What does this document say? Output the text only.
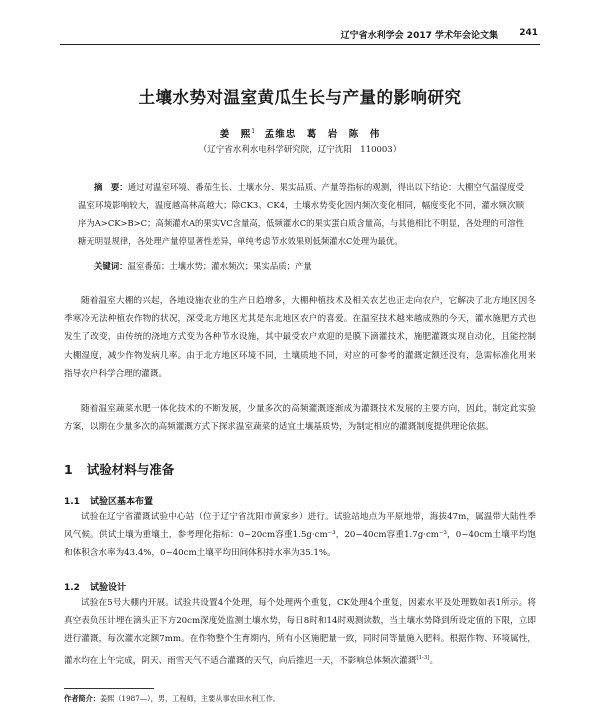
辽宁省水利学会 2017 学术年会论文集 241
土壤水势对温室黄瓜生长与产量的影响研究
姜　熙$^1$ 孟维忠　葛　岩　陈　伟
（辽宁省水利水电科学研究院，辽宁沈阳　110003）
摘　要：通过对温室环境、番茄生长、土壤水分、果实品质、产量等指标的观测，得出以下结论：大棚空气温湿度受温室环境影响较大，温度越高林高越大；除CK3、CK4，土壤水势变化因内频次变化相同，幅度变化不同，灌水频次顺序为A>CK>B>C；高频灌水A的果实VC含量高，低频灌水C的果实蛋白质含量高，与其他相比不明显，各处理的可溶性糖无明显规律，各处理产量停显著性差异，单纯考虑节水效果则低频灌水C处理为最优。
关键词：温室番茄；土壤水势；灌水频次；果实品质；产量

随着温室大棚的兴起，各地设施农业的生产日趋增多，大棚种植技术及相关农艺也正走向农户，它解决了北方地区因冬季寒冷无法种植农作物的状况，深受北方地区尤其是东北地区农户的喜爱。在温室技术越来越成熟的今天，灌水施肥方式也发生了改变，由传统的浇地方式变为各种节水设施，其中最受农户欢迎的是膜下滴灌技术，施肥灌溉实现自动化，且能控制大棚湿度，减少作物发病几率。由于北方地区环境不同，土壤质地不同，对应的可参考的灌溉定额还没有，急需标准化用来指导农户科学合理的灌溉。

随着温室蔬菜水肥一体化技术的不断发展，少量多次的高频灌溉逐渐成为灌溉技术发展的主要方向，因此，制定此实验方案，以期在少量多次的高频灌溉方式下探求温室蔬菜的适宜土壤基质势，为制定相应的灌溉制度提供理论依据。

1 试验材料与准备
1.1 试验区基本布置

试验在辽宁省灌溉试验中心站（位于辽宁省沈阳市黄家乡）进行。试验站地点为平原地带，海拔47m，属温带大陆性季风气候。供试土壤为重壤土，参考理化指标：0~20cm容重1.5g·cm⁻³，20~40cm容重1.7g·cm⁻³，0~40cm土壤平均饱和体积含水率为43.4%，0~40cm土壤平均田间体积持水率为35.1%。

1.2 试验设计

试验在5号大棚内开展。试验共设置4个处理，每个处理两个重复，CK处理4个重复，因素水平及处理数如表1所示。将真空表负压计埋在滴头正下方20cm深度处监测土壤水势，每日8时和14时观测读数，当土壤水势降到所设定值的下限，立即进行灌溉，每次灌水定额7mm。在作物整个生育期内，所有小区施肥量一致，同时同等量施入肥料。根据作物、环境属性，灌水均在上午完成，阴天、雨雪天气不适合灌溉的天气，向后推迟一天，不影响总体频次灌溉[1-3]。

作者简介：姜熙（1987—），男，工程师，主要从事农田水利工作。
